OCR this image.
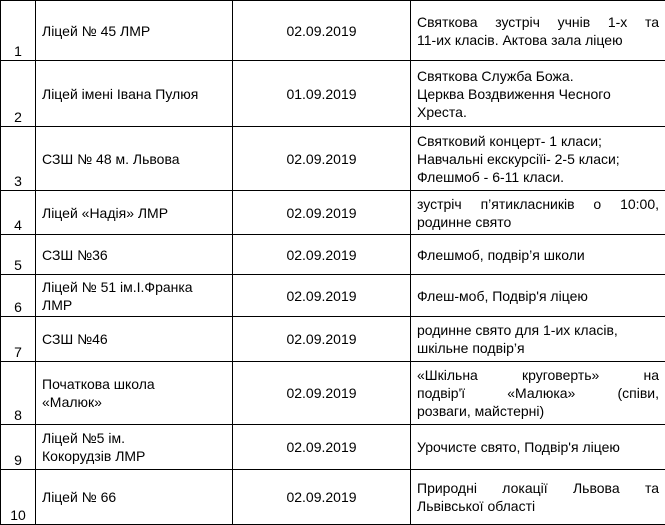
1	Ліцей № 45 ЛМР	02.09.2019	Святкова зустріч учнів 1-х та
11-их класів. Актова зала ліцею

2	Ліцей імені Івана Пулюя	01.09.2019	Святкова Служба Божа.
Церква Воздвиження Чесного
Хреста.

3	СЗШ № 48 м. Львова	02.09.2019	Святковий концерт- 1 класи;
Навчальні екскурсіїі- 2-5 класи;
Флешмоб - 6-11 класи.

4	Ліцей «Надія» ЛМР	02.09.2019	зустріч п’ятикласників о 10:00,
родинне свято

5	СЗШ №36	02.09.2019	Флешмоб, подвір’я школи

6	Ліцей № 51 ім.І.Франка
ЛМР	02.09.2019	Флеш-моб, Подвір'я ліцею

7	СЗШ №46	02.09.2019	родинне свято для 1-их класів,
шкільне подвір’я

8	Початкова школа
«Малюк»	02.09.2019	«Шкільна круговерть» на
подвір'ї «Малюка» (співи,
розваги, майстерні)

9	Ліцей №5 ім.
Кокорудзів ЛМР	02.09.2019	Урочисте свято, Подвір'я ліцею

10	Ліцей № 66	02.09.2019	Природні локації Львова та
Львівської області
